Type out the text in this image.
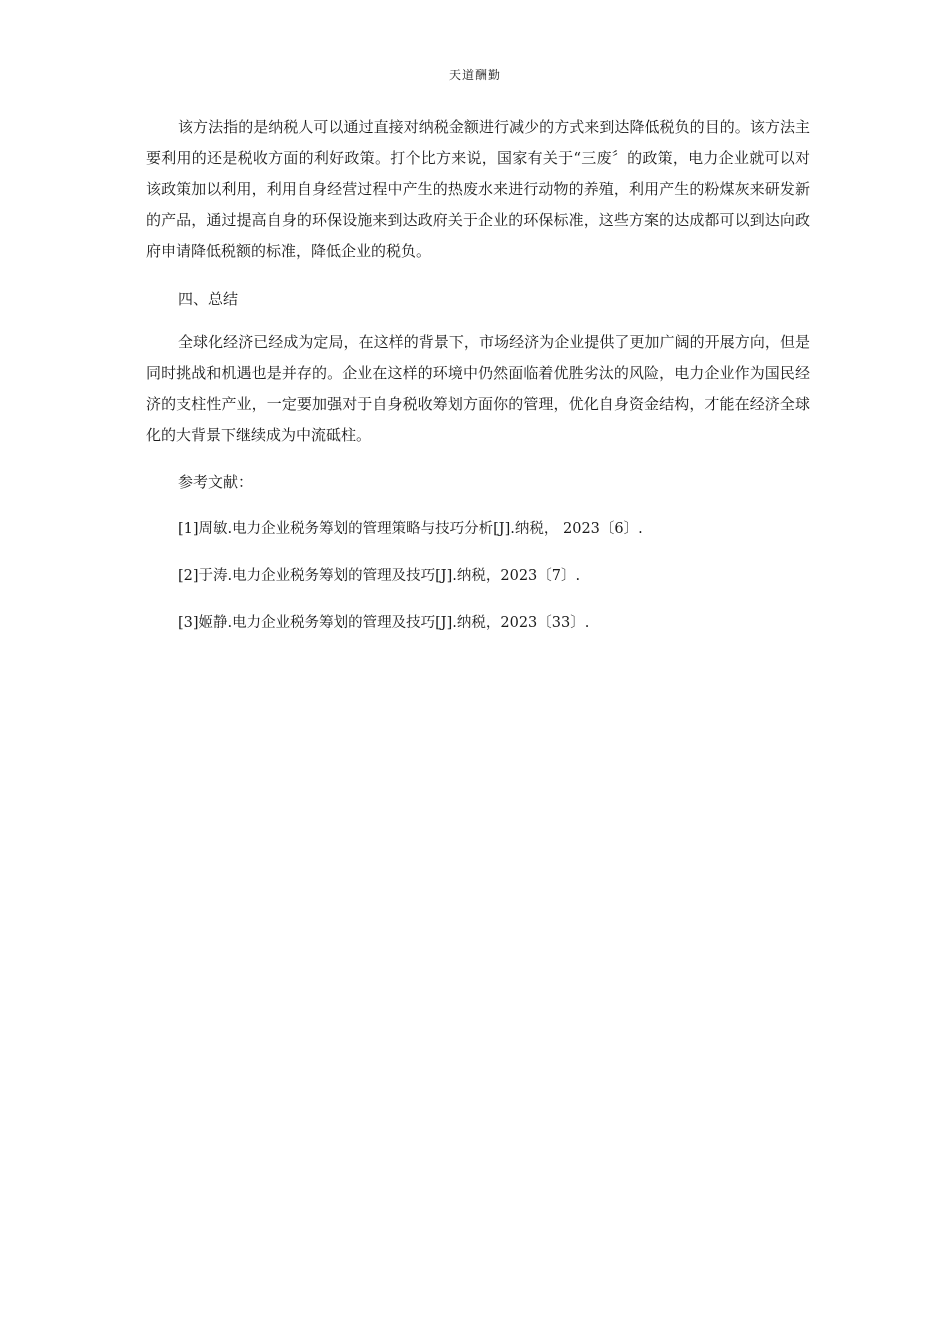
天道酬勤

该方法指的是纳税人可以通过直接对纳税金额进行减少的方式来到达降低税负的目的。该方法主要利用的还是税收方面的利好政策。打个比方来说，国家有关于“三废〞的政策，电力企业就可以对该政策加以利用，利用自身经营过程中产生的热废水来进行动物的养殖，利用产生的粉煤灰来研发新的产品，通过提高自身的环保设施来到达政府关于企业的环保标准，这些方案的达成都可以到达向政府申请降低税额的标准，降低企业的税负。

四、总结

全球化经济已经成为定局，在这样的背景下，市场经济为企业提供了更加广阔的开展方向，但是同时挑战和机遇也是并存的。企业在这样的环境中仍然面临着优胜劣汰的风险，电力企业作为国民经济的支柱性产业，一定要加强对于自身税收筹划方面你的管理，优化自身资金结构，才能在经济全球化的大背景下继续成为中流砥柱。

参考文献：

[1]周敏.电力企业税务筹划的管理策略与技巧分析[J].纳税， 2023〔6〕.

[2]于涛.电力企业税务筹划的管理及技巧[J].纳税，2023〔7〕.

[3]姬静.电力企业税务筹划的管理及技巧[J].纳税，2023〔33〕.
